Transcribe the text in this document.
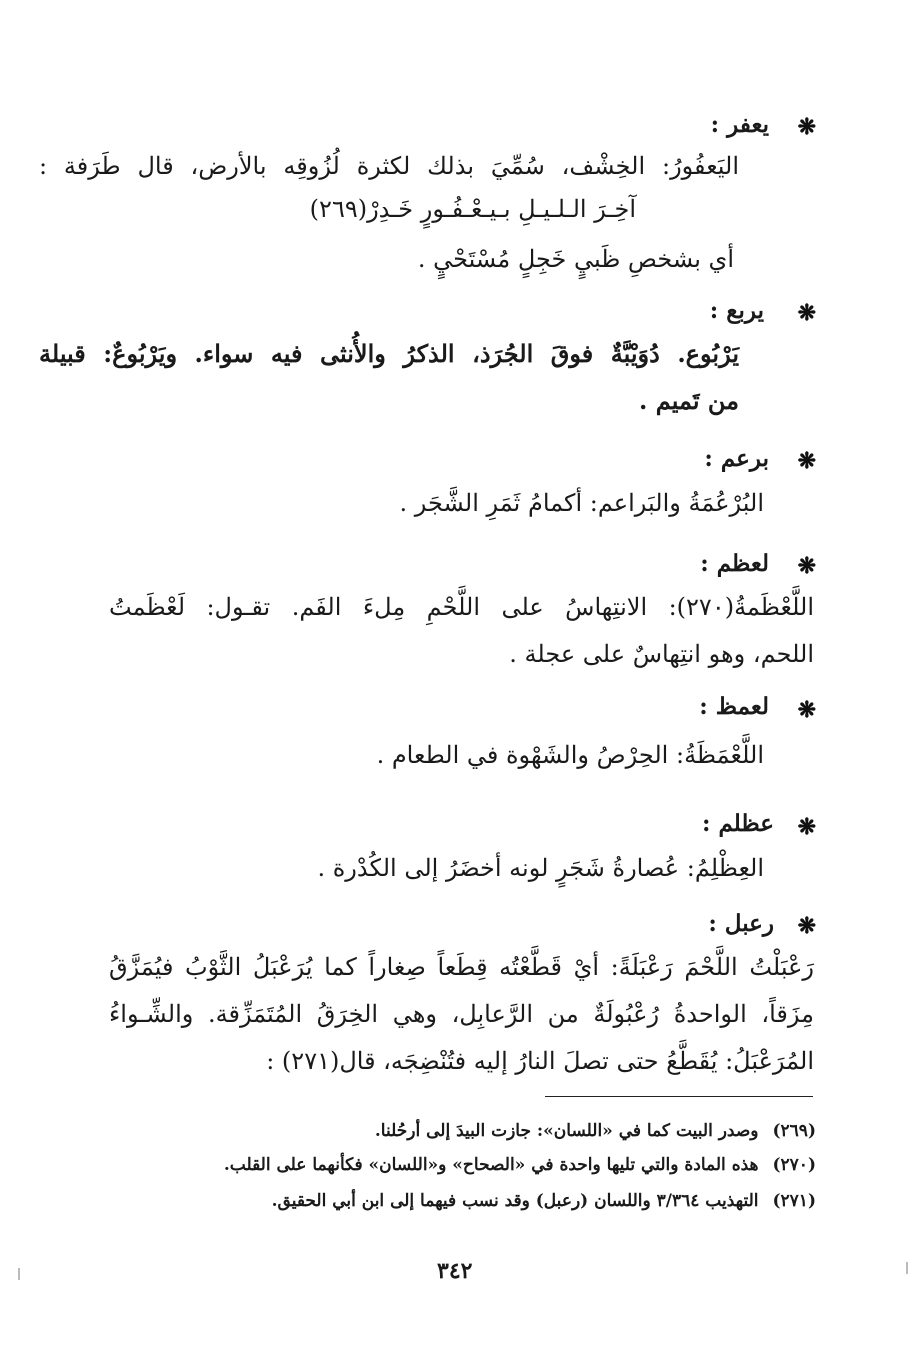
❋
يعفر :
اليَعفُورُ: الخِشْف، سُمِّيَ بذلك لكثرة لُزُوقِه بالأرض، قال طَرَفة :
آخِـرَ الـلـيـلِ بـيـعْـفُـورٍ خَـدِرْ(٢٦٩)
أي بشخصِ ظَبيٍ خَجِلٍ مُسْتَحْيٍ .
❋
يربع :
يَرْبُوع. دُوَيْبَّةٌ فوقَ الجُرَذ، الذكرُ والأُنثى فيه سواء. ويَرْبُوعٌ: قبيلة
من تَميم .
❋
برعم :
البُرْعُمَةُ والبَراعم: أكمامُ ثَمَرِ الشَّجَر .
❋
لعظم :
اللَّعْظَمةُ(٢٧٠): الانتِهاسُ على اللَّحْمِ مِلءَ الفَم. تقـول: لَعْظَمتُ
اللحم، وهو انتِهاسٌ على عجلة .
❋
لعمظ :
اللَّعْمَظَةُ: الحِرْصُ والشَهْوة في الطعام .
❋
عظلم :
العِظْلِمُ: عُصارةُ شَجَرٍ لونه أخضَرُ إلى الكُدْرة .
❋
رعبل :
رَعْبَلْتُ اللَّحْمَ رَعْبَلَةً: أيْ قَطَّعْتُه قِطَعاً صِغاراً كما يُرَعْبَلُ الثَّوْبُ فيُمَزَّقُ
مِزَقاً، الواحدةُ رُعْبُولَةٌ من الرَّعابِل، وهي الخِرَقُ المُتَمَزِّقة. والشِّـواءُ
المُرَعْبَلُ: يُقَطَّعُ حتى تصلَ النارُ إليه فتُنْضِجَه، قال(٢٧١) :
(٢٦٩)وصدر البيت كما في «اللسان»: جازت البيدَ إلى أرحُلنا.
(٢٧٠)هذه المادة والتي تليها واحدة في «الصحاح» و«اللسان» فكأنهما على القلب.
(٢٧١)التهذيب ٣/٣٦٤ واللسان (رعبل) وقد نسب فيهما إلى ابن أبي الحقيق.
٣٤٢
